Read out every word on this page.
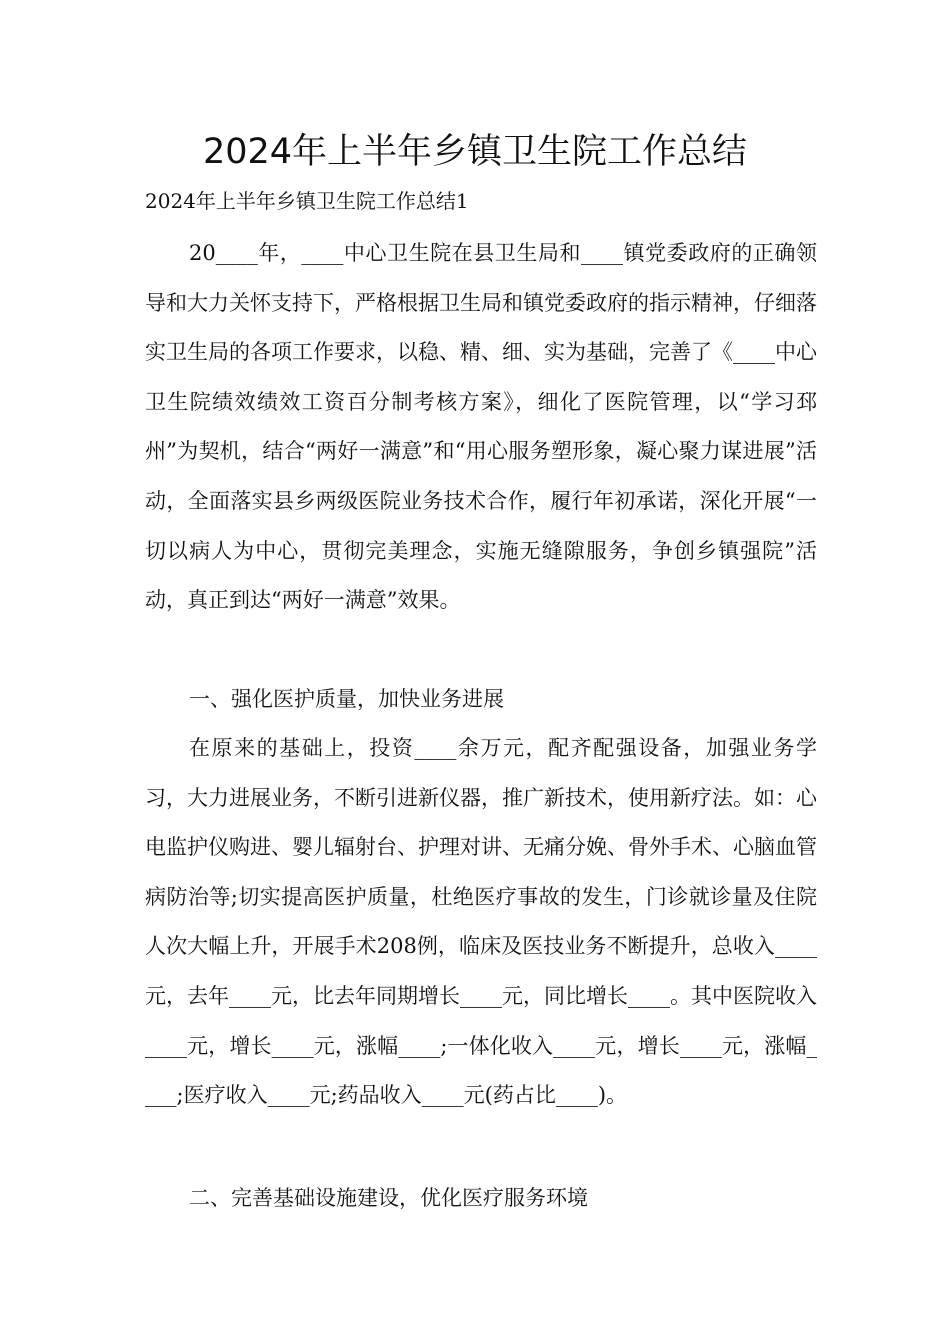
2024年上半年乡镇卫生院工作总结

2024年上半年乡镇卫生院工作总结1

20____年，____中心卫生院在县卫生局和____镇党委政府的正确领导和大力关怀支持下，严格根据卫生局和镇党委政府的指示精神，仔细落实卫生局的各项工作要求，以稳、精、细、实为基础，完善了《____中心卫生院绩效绩效工资百分制考核方案》，细化了医院管理，以“学习邳州”为契机，结合“两好一满意”和“用心服务塑形象，凝心聚力谋进展”活动，全面落实县乡两级医院业务技术合作，履行年初承诺，深化开展“一切以病人为中心，贯彻完美理念，实施无缝隙服务，争创乡镇强院”活动，真正到达“两好一满意”效果。

一、强化医护质量，加快业务进展

在原来的基础上，投资____余万元，配齐配强设备，加强业务学习，大力进展业务，不断引进新仪器，推广新技术，使用新疗法。如：心电监护仪购进、婴儿辐射台、护理对讲、无痛分娩、骨外手术、心脑血管病防治等;切实提高医护质量，杜绝医疗事故的发生，门诊就诊量及住院人次大幅上升，开展手术208例，临床及医技业务不断提升，总收入____元，去年____元，比去年同期增长____元，同比增长____。其中医院收入____元，增长____元，涨幅____;一体化收入____元，增长____元，涨幅____;医疗收入____元;药品收入____元(药占比____)。

二、完善基础设施建设，优化医疗服务环境
